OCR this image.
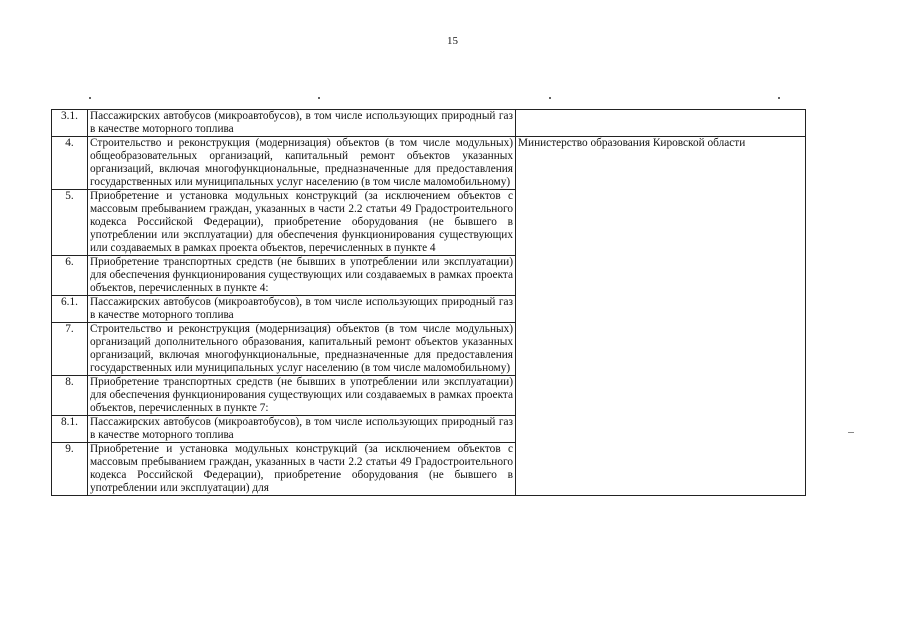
15
3.1.	Пассажирских автобусов (микроавтобусов), в том числе использующих природный газ в качестве моторного топлива	
4.	Строительство и реконструкция (модернизация) объектов (в том числе модульных) общеобразовательных организаций, капитальный ремонт объектов указанных организаций, включая многофункциональные, предназначенные для предоставления государственных или муниципальных услуг населению (в том числе маломобильному)	Министерство образования Кировской области
5.	Приобретение и установка модульных конструкций (за исключением объектов с массовым пребыванием граждан, указанных в части 2.2 статьи 49 Градостроительного кодекса Российской Федерации), приобретение оборудования (не бывшего в употреблении или эксплуатации) для обеспечения функционирования существующих или создаваемых в рамках проекта объектов, перечисленных в пункте 4	
6.	Приобретение транспортных средств (не бывших в употреблении или эксплуатации) для обеспечения функционирования существующих или создаваемых в рамках проекта объектов, перечисленных в пункте 4:	
6.1.	Пассажирских автобусов (микроавтобусов), в том числе использующих природный газ в качестве моторного топлива	
7.	Строительство и реконструкция (модернизация) объектов (в том числе модульных) организаций дополнительного образования, капитальный ремонт объектов указанных организаций, включая многофункциональные, предназначенные для предоставления государственных или муниципальных услуг населению (в том числе маломобильному)	
8.	Приобретение транспортных средств (не бывших в употреблении или эксплуатации) для обеспечения функционирования существующих или создаваемых в рамках проекта объектов, перечисленных в пункте 7:	
8.1.	Пассажирских автобусов (микроавтобусов), в том числе использующих природный газ в качестве моторного топлива	
9.	Приобретение и установка модульных конструкций (за исключением объектов с массовым пребыванием граждан, указанных в части 2.2 статьи 49 Градостроительного кодекса Российской Федерации), приобретение оборудования (не бывшего в употреблении или эксплуатации) для	
